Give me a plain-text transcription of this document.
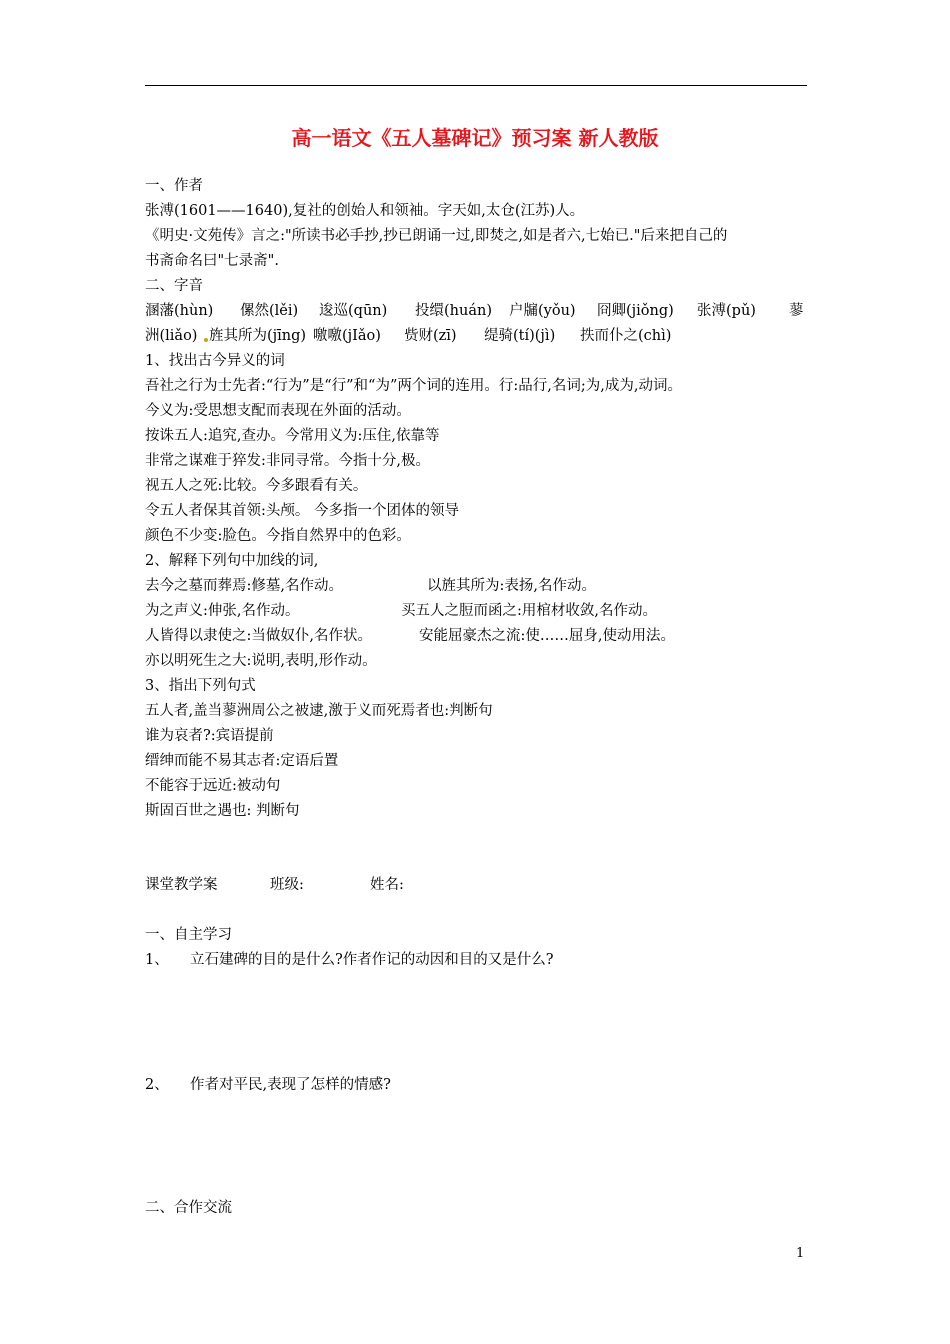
高一语文《五人墓碑记》预习案 新人教版
一、作者
张溥(1601——1640),复社的创始人和领袖。字天如,太仓(江苏)人。
《明史·文苑传》言之:"所读书必手抄,抄已朗诵一过,即焚之,如是者六,七始已."后来把自己的
书斋命名曰"七录斋".
二、字音
溷藩(hùn) 傫然(lěi) 逡巡(qūn) 投缳(huán) 户牖(yǒu) 冏卿(jiǒng) 张溥(pǔ) 蓼
洲(liǎo) 旌其所为(jīng) 噭噭(jIǎo) 赀财(zī) 缇骑(tí)(jì) 抶而仆之(chì)
1、找出古今异义的词
吾社之行为士先者:“行为”是“行”和“为”两个词的连用。行:品行,名词;为,成为,动词。
今义为:受思想支配而表现在外面的活动。
按诛五人:追究,查办。今常用义为:压住,依靠等
非常之谋难于猝发:非同寻常。今指十分,极。
视五人之死:比较。今多跟看有关。
令五人者保其首领:头颅。 今多指一个团体的领导
颜色不少变:脸色。今指自然界中的色彩。
2、解释下列句中加线的词,
去今之墓而葬焉:修墓,名作动。	以旌其所为:表扬,名作动。
为之声义:伸张,名作动。	买五人之脰而函之:用棺材收敛,名作动。
人皆得以隶使之:当做奴仆,名作状。	安能屈豪杰之流:使……屈身,使动用法。
亦以明死生之大:说明,表明,形作动。
3、指出下列句式
五人者,盖当蓼洲周公之被逮,激于义而死焉者也:判断句
谁为哀者?:宾语提前
缙绅而能不易其志者:定语后置
不能容于远近:被动句
斯固百世之遇也: 判断句
课堂教学案	班级:	姓名:
一、自主学习
1、 立石建碑的目的是什么?作者作记的动因和目的又是什么?
2、 作者对平民,表现了怎样的情感?
二、合作交流
1
